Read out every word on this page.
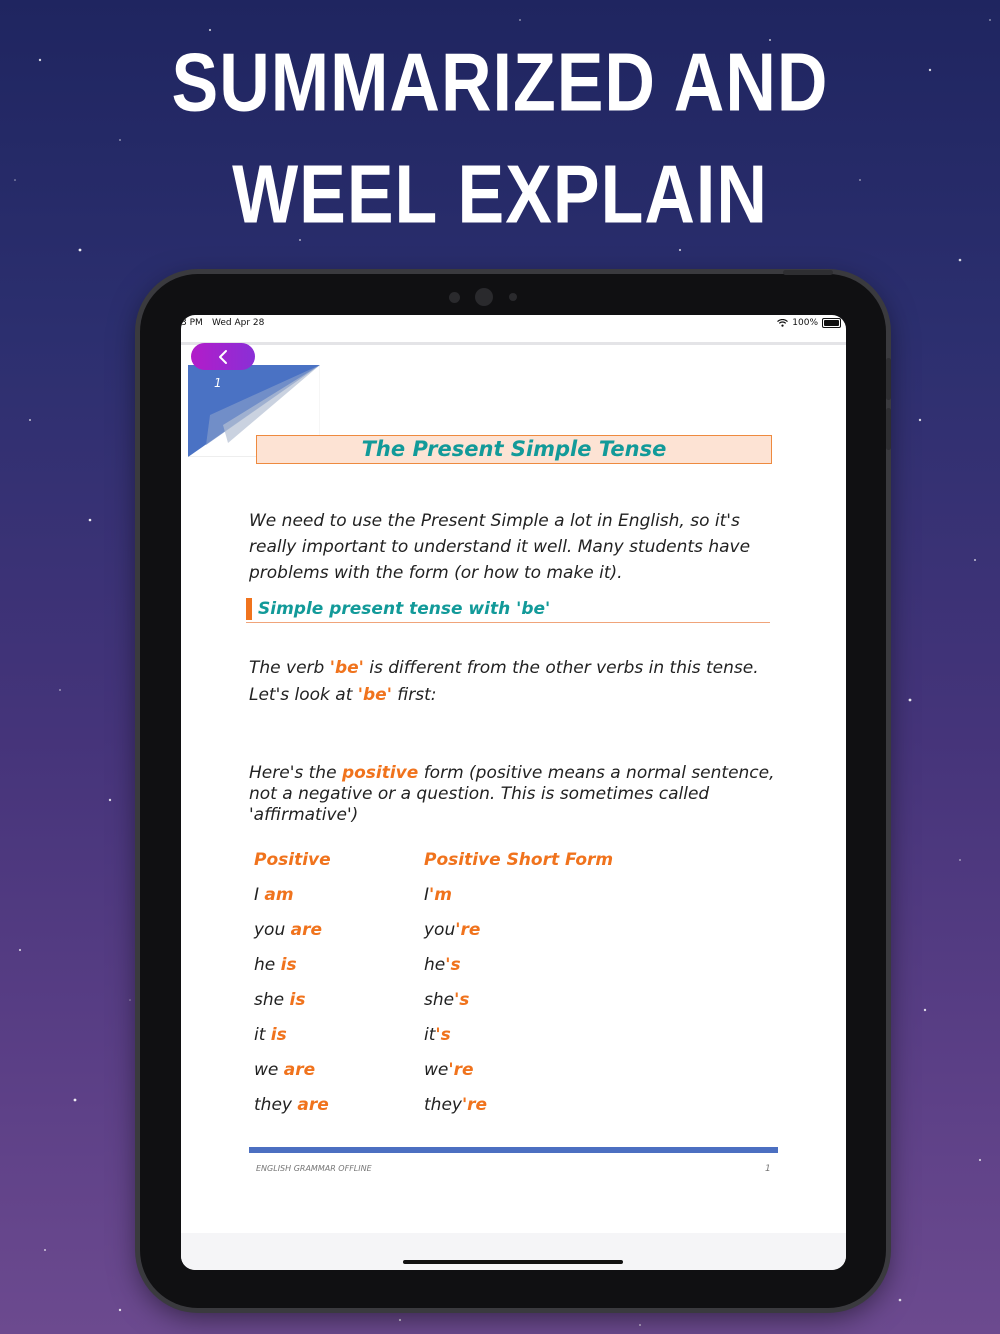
SUMMARIZED AND
WEEL EXPLAIN
3 PM Wed Apr 28	100%
1
The Present Simple Tense
We need to use the Present Simple a lot in English, so it's really important to understand it well. Many students have problems with the form (or how to make it).
Simple present tense with 'be'
The verb 'be' is different from the other verbs in this tense. Let's look at 'be' first:
Here's the positive form (positive means a normal sentence, not a negative or a question. This is sometimes called 'affirmative')
Positive	Positive Short Form
I am	I'm
you are	you're
he is	he's
she is	she's
it is	it's
we are	we're
they are	they're
ENGLISH GRAMMAR OFFLINE	1
